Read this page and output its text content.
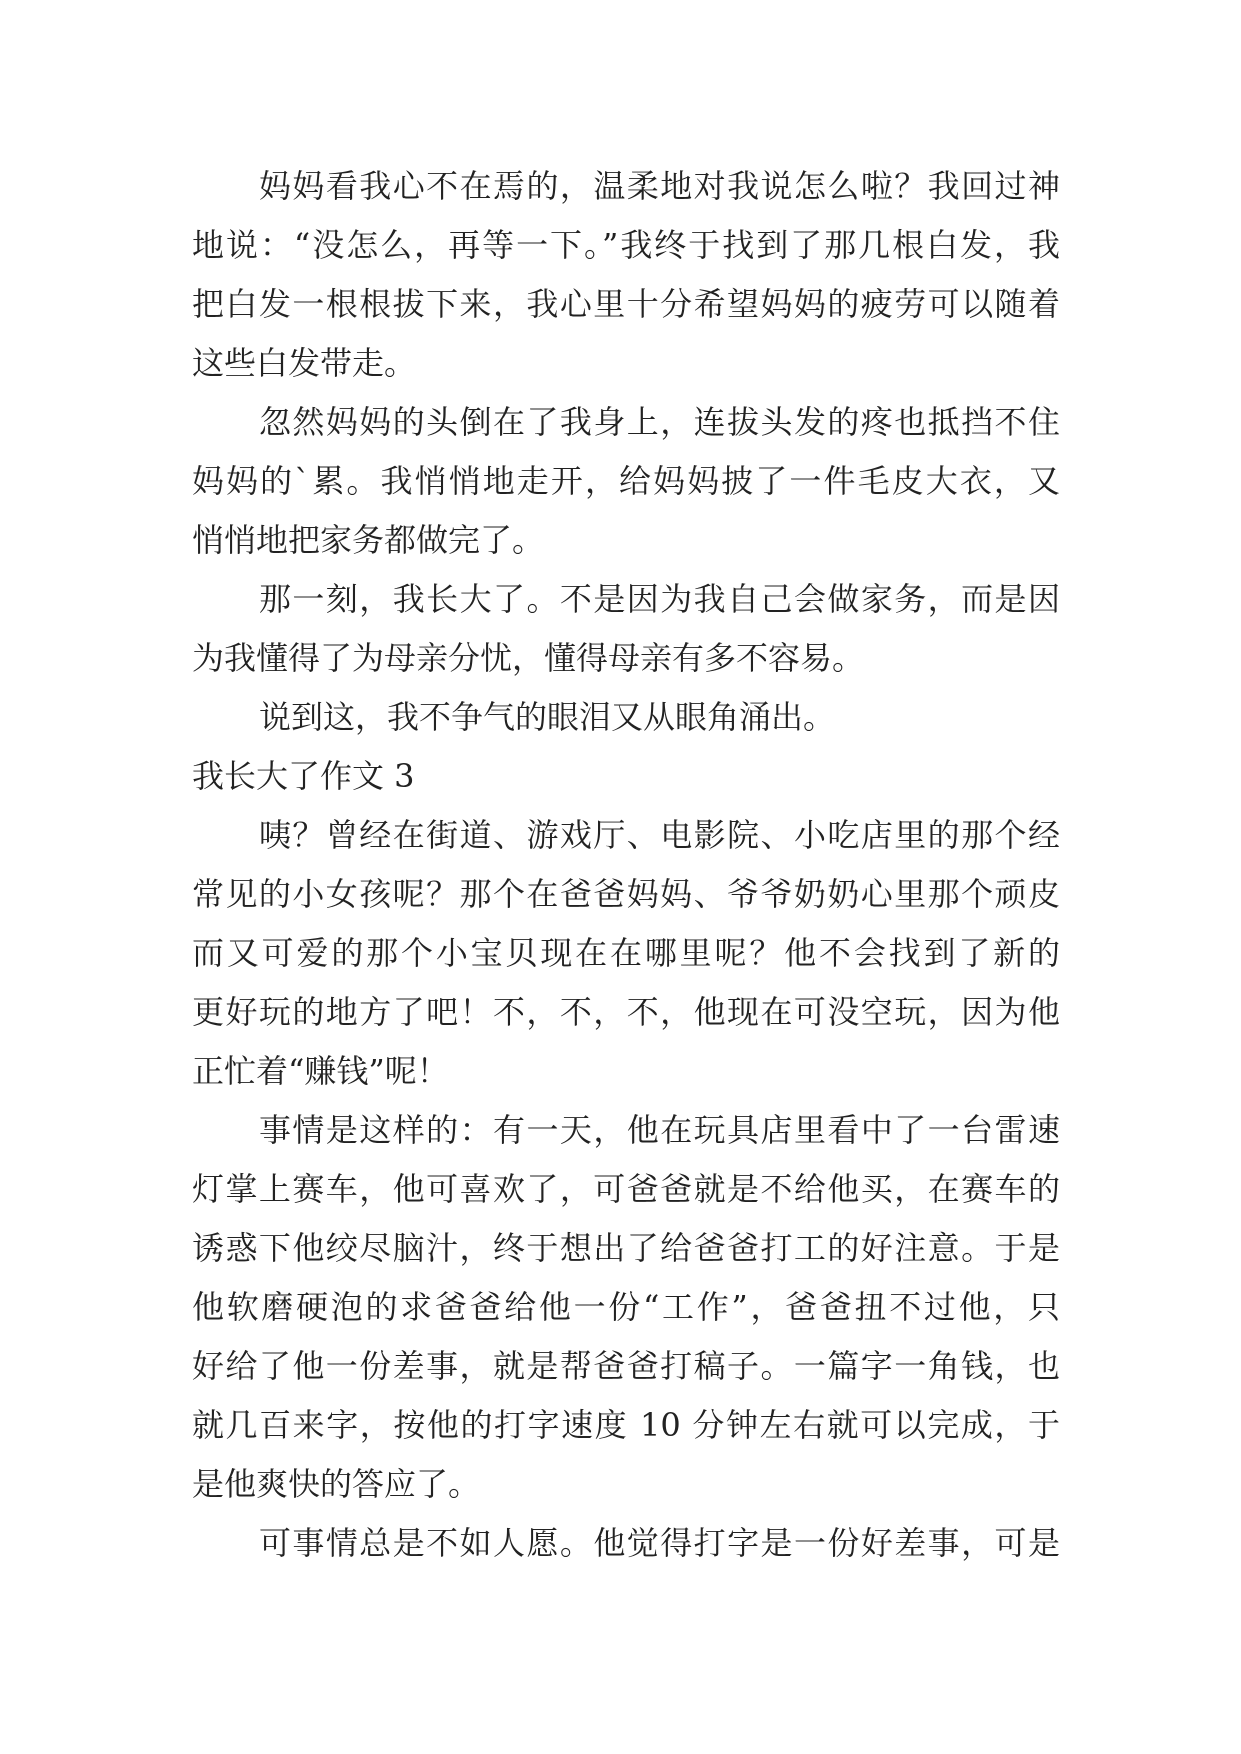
妈妈看我心不在焉的，温柔地对我说怎么啦？我回过神
地说：“没怎么，再等一下。”我终于找到了那几根白发，我
把白发一根根拔下来，我心里十分希望妈妈的疲劳可以随着
这些白发带走。
忽然妈妈的头倒在了我身上，连拔头发的疼也抵挡不住
妈妈的`累。我悄悄地走开，给妈妈披了一件毛皮大衣，又
悄悄地把家务都做完了。
那一刻，我长大了。不是因为我自己会做家务，而是因
为我懂得了为母亲分忧，懂得母亲有多不容易。
说到这，我不争气的眼泪又从眼角涌出。
我长大了作文 3
咦？曾经在街道、游戏厅、电影院、小吃店里的那个经
常见的小女孩呢？那个在爸爸妈妈、爷爷奶奶心里那个顽皮
而又可爱的那个小宝贝现在在哪里呢？他不会找到了新的
更好玩的地方了吧！不，不，不，他现在可没空玩，因为他
正忙着“赚钱”呢！
事情是这样的：有一天，他在玩具店里看中了一台雷速
灯掌上赛车，他可喜欢了，可爸爸就是不给他买，在赛车的
诱惑下他绞尽脑汁，终于想出了给爸爸打工的好注意。于是
他软磨硬泡的求爸爸给他一份“工作”，爸爸扭不过他，只
好给了他一份差事，就是帮爸爸打稿子。一篇字一角钱，也
就几百来字，按他的打字速度 10 分钟左右就可以完成，于
是他爽快的答应了。
可事情总是不如人愿。他觉得打字是一份好差事，可是
